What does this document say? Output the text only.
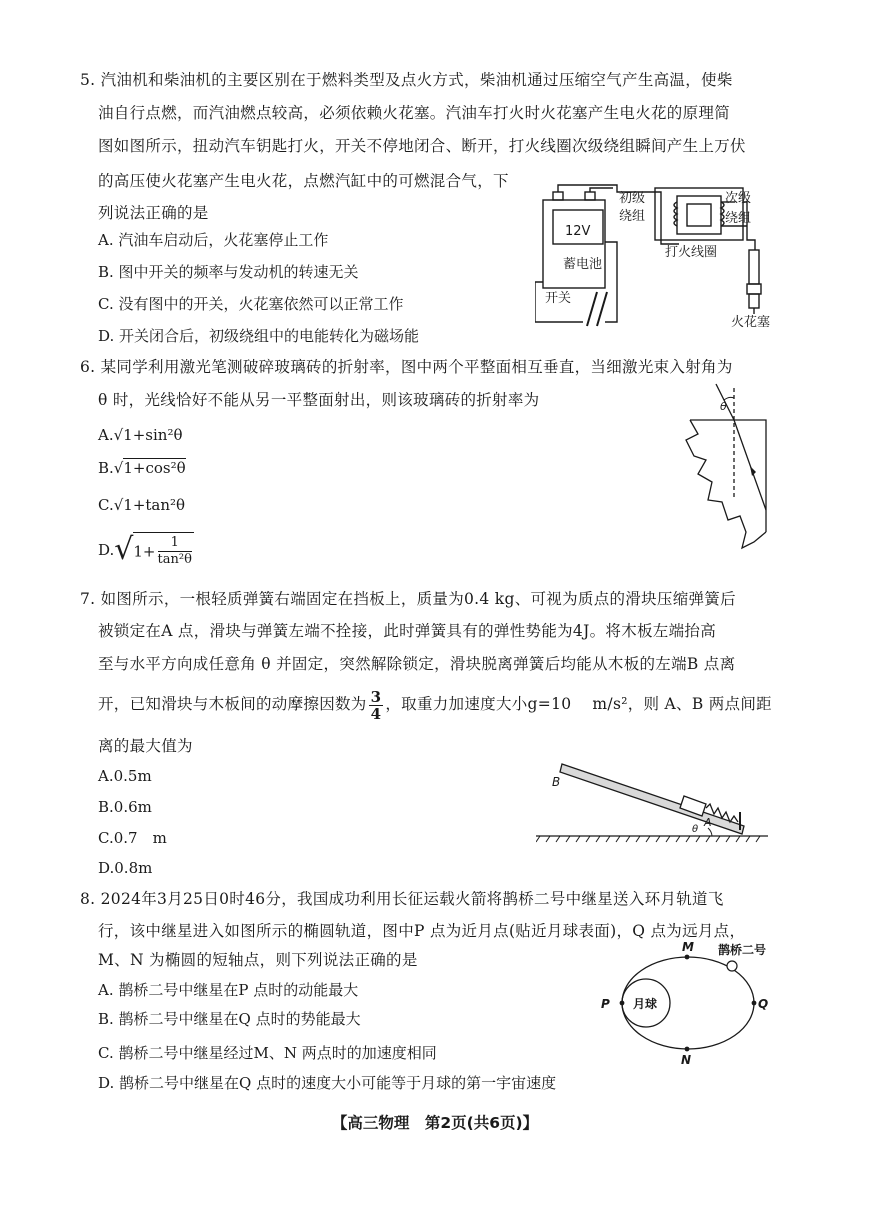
5. 汽油机和柴油机的主要区别在于燃料类型及点火方式，柴油机通过压缩空气产生高温，使柴
油自行点燃，而汽油燃点较高，必须依赖火花塞。汽油车打火时火花塞产生电火花的原理简
图如图所示，扭动汽车钥匙打火，开关不停地闭合、断开，打火线圈次级绕组瞬间产生上万伏
的高压使火花塞产生电火花，点燃汽缸中的可燃混合气，下
列说法正确的是
A. 汽油车启动后，火花塞停止工作
B. 图中开关的频率与发动机的转速无关
C. 没有图中的开关，火花塞依然可以正常工作
D. 开关闭合后，初级绕组中的电能转化为磁场能
12V
蓄电池
初级
绕组
次级
绕组
打火线圈
开关
火花塞
6. 某同学利用激光笔测破碎玻璃砖的折射率，图中两个平整面相互垂直，当细激光束入射角为
θ 时，光线恰好不能从另一平整面射出，则该玻璃砖的折射率为
A.√1+sin²θ
B.√1+cos²θ
C.√1+tan²θ
$D.√1+ \frac{1}{\text{tan²θ}}$
θ
7. 如图所示，一根轻质弹簧右端固定在挡板上，质量为0.4 kg、可视为质点的滑块压缩弹簧后
被锁定在A 点，滑块与弹簧左端不拴接，此时弹簧具有的弹性势能为4J。将木板左端抬高
至与水平方向成任意角 θ 并固定，突然解除锁定，滑块脱离弹簧后均能从木板的左端B 点离
开，已知滑块与木板间的动摩擦因数为 $\frac{3}{4}$ ，取重力加速度大小g=10　 m/s²，则 A、B 两点间距
离的最大值为
A.0.5m
B.0.6m
C.0.7　m
D.0.8m
B
A
θ
8. 2024年3月25日0时46分，我国成功利用长征运载火箭将鹊桥二号中继星送入环月轨道飞
行，该中继星进入如图所示的椭圆轨道，图中P 点为近月点(贴近月球表面)，Q 点为远月点，
M、N 为椭圆的短轴点，则下列说法正确的是
A. 鹊桥二号中继星在P 点时的动能最大
B. 鹊桥二号中继星在Q 点时的势能最大
C. 鹊桥二号中继星经过M、N 两点时的加速度相同
D. 鹊桥二号中继星在Q 点时的速度大小可能等于月球的第一宇宙速度
M
N
P	Q
月球
鹊桥二号
【高三物理　第2页(共6页)】
